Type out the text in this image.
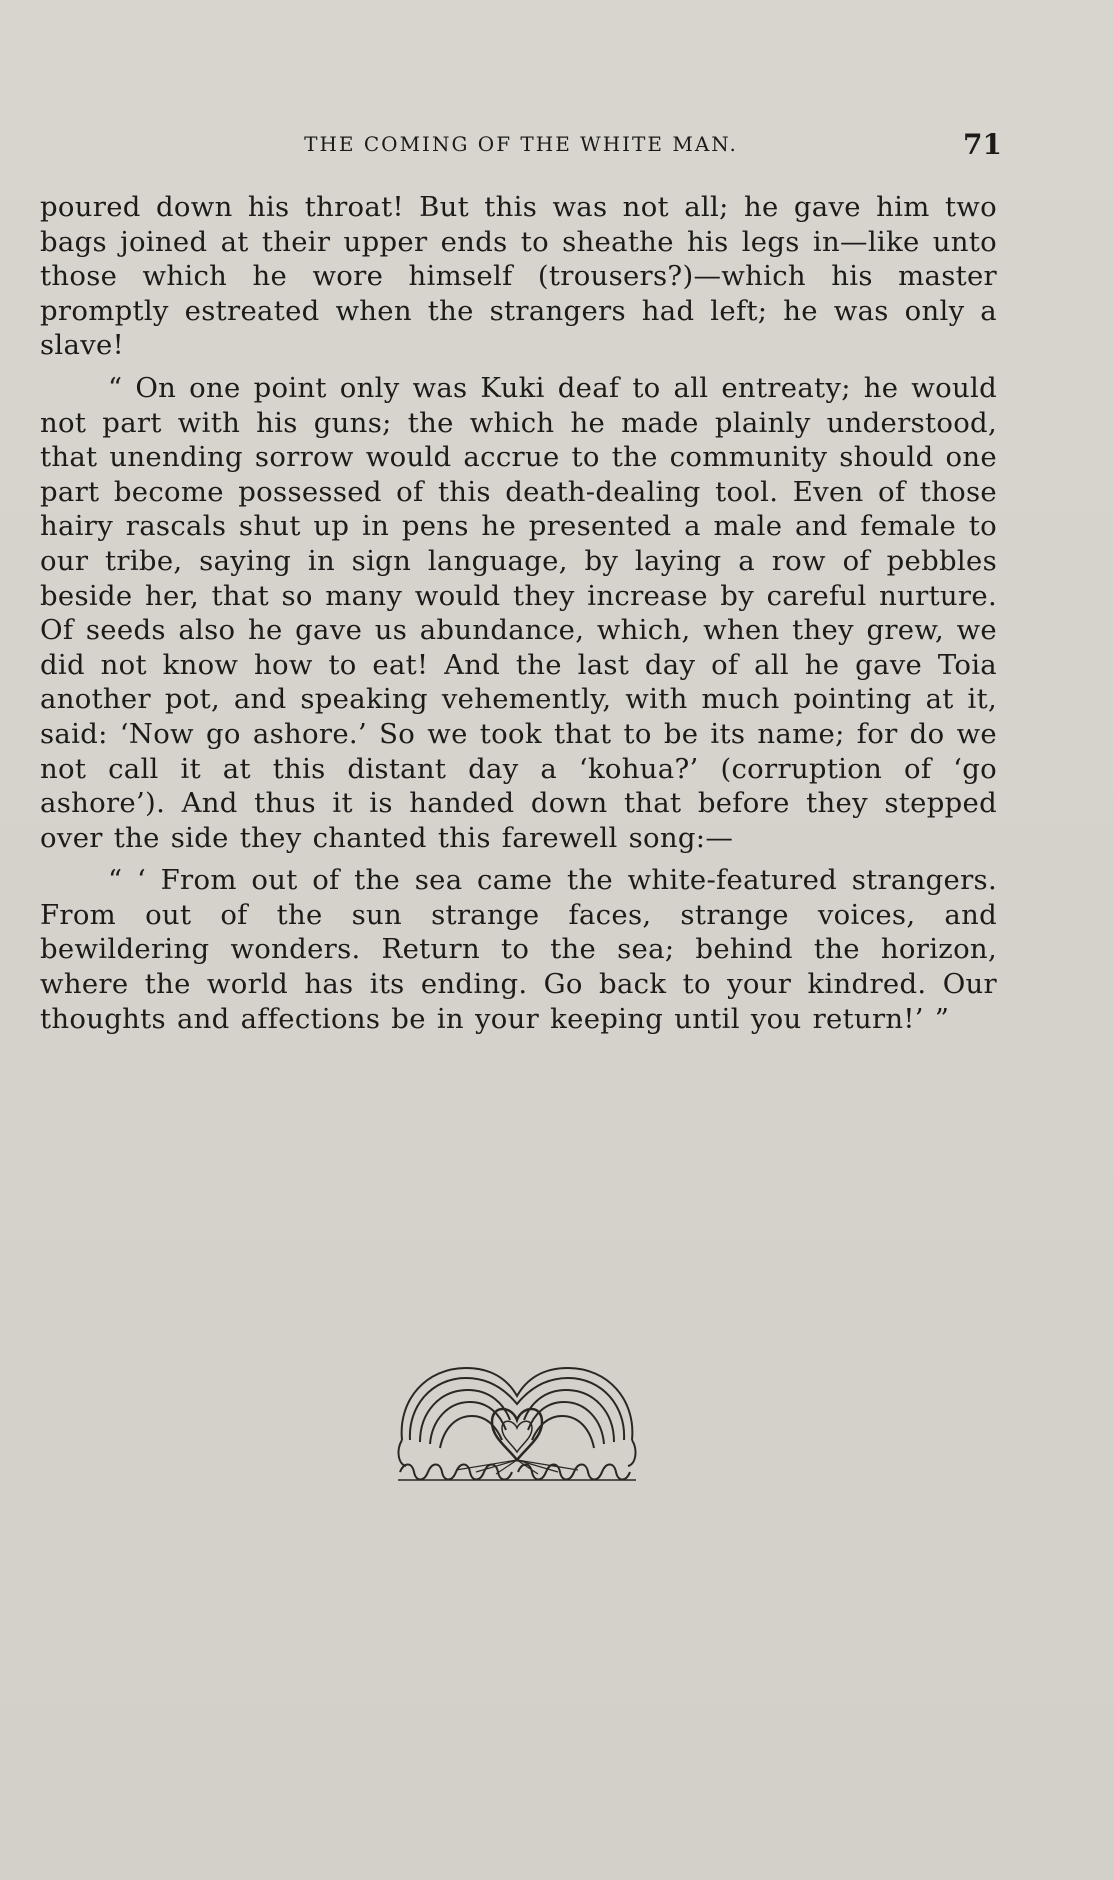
THE COMING OF THE WHITE MAN.	71

poured down his throat! But this was not all; he gave him two bags joined at their upper ends to sheathe his legs in—like unto those which he wore himself (trousers?)—which his master promptly estreated when the strangers had left; he was only a slave!

“ On one point only was Kuki deaf to all entreaty; he would not part with his guns; the which he made plainly understood, that unending sorrow would accrue to the community should one part become possessed of this death-dealing tool. Even of those hairy rascals shut up in pens he presented a male and female to our tribe, saying in sign language, by laying a row of pebbles beside her, that so many would they increase by careful nurture. Of seeds also he gave us abundance, which, when they grew, we did not know how to eat! And the last day of all he gave Toia another pot, and speaking vehemently, with much pointing at it, said: ‘Now go ashore.’ So we took that to be its name; for do we not call it at this distant day a ‘kohua?’ (corruption of ‘go ashore’). And thus it is handed down that before they stepped over the side they chanted this farewell song:—

“ ‘ From out of the sea came the white-featured strangers. From out of the sun strange faces, strange voices, and bewildering wonders. Return to the sea; behind the horizon, where the world has its ending. Go back to your kindred. Our thoughts and affections be in your keeping until you return!’ ”
